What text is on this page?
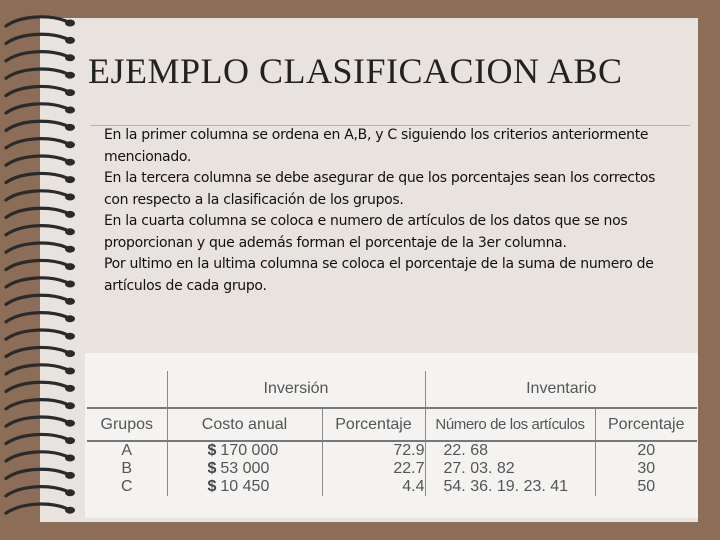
EJEMPLO CLASIFICACION ABC

En la primer columna se ordena en A,B, y C siguiendo los criterios anteriormente mencionado.

En la tercera columna se debe asegurar de que los porcentajes sean los correctos con respecto a la clasificación de los grupos.

En la cuarta columna se coloca e numero de artículos de los datos que se nos proporcionan y que además forman el porcentaje de la 3er columna.

Por ultimo en la ultima columna se coloca el porcentaje de la suma de numero de artículos de cada grupo.

	Inversión		Inventario	
Grupos	Costo anual	Porcentaje	Número de los artículos	Porcentaje
A	$ 170 000	72.9	22. 68	20
B	$ 53 000	22.7	27. 03. 82	30
C	$ 10 450	4.4	54. 36. 19. 23. 41	50
